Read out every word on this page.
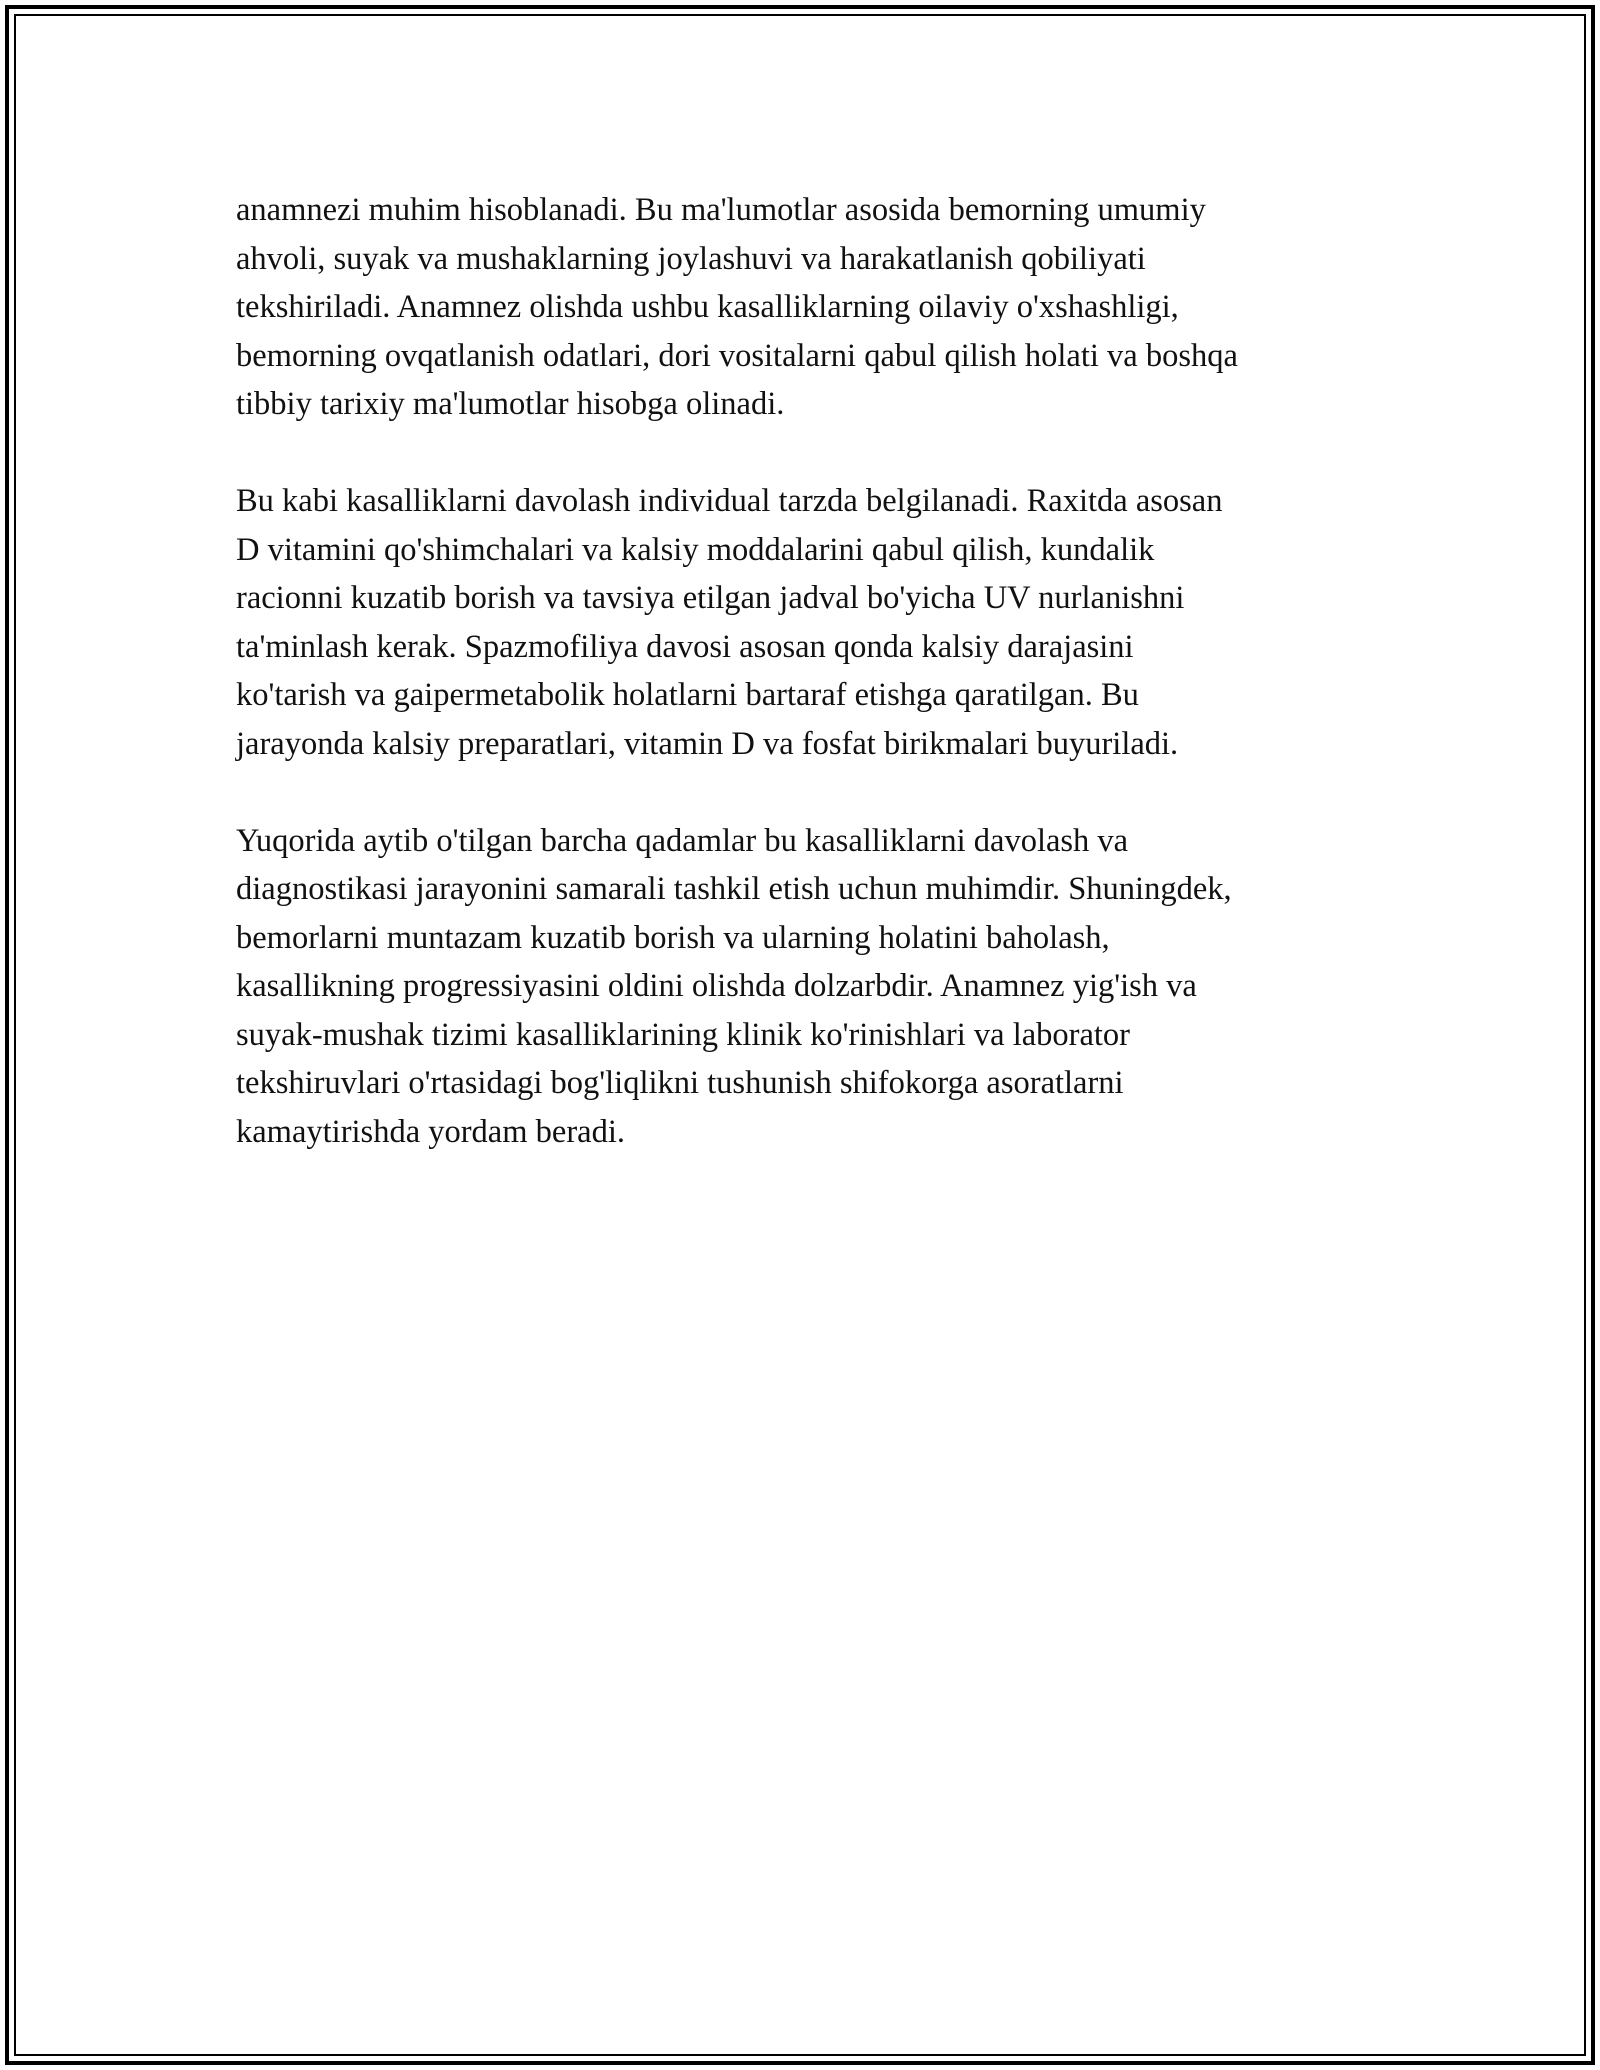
anamnezi muhim hisoblanadi. Bu ma'lumotlar asosida bemorning umumiy
ahvoli, suyak va mushaklarning joylashuvi va harakatlanish qobiliyati
tekshiriladi. Anamnez olishda ushbu kasalliklarning oilaviy o'xshashligi,
bemorning ovqatlanish odatlari, dori vositalarni qabul qilish holati va boshqa
tibbiy tarixiy ma'lumotlar hisobga olinadi.

Bu kabi kasalliklarni davolash individual tarzda belgilanadi. Raxitda asosan
D vitamini qo'shimchalari va kalsiy moddalarini qabul qilish, kundalik
racionni kuzatib borish va tavsiya etilgan jadval bo'yicha UV nurlanishni
ta'minlash kerak. Spazmofiliya davosi asosan qonda kalsiy darajasini
ko'tarish va gaipermetabolik holatlarni bartaraf etishga qaratilgan. Bu
jarayonda kalsiy preparatlari, vitamin D va fosfat birikmalari buyuriladi.

Yuqorida aytib o'tilgan barcha qadamlar bu kasalliklarni davolash va
diagnostikasi jarayonini samarali tashkil etish uchun muhimdir. Shuningdek,
bemorlarni muntazam kuzatib borish va ularning holatini baholash,
kasallikning progressiyasini oldini olishda dolzarbdir. Anamnez yig'ish va
suyak-mushak tizimi kasalliklarining klinik ko'rinishlari va laborator
tekshiruvlari o'rtasidagi bog'liqlikni tushunish shifokorga asoratlarni
kamaytirishda yordam beradi.
